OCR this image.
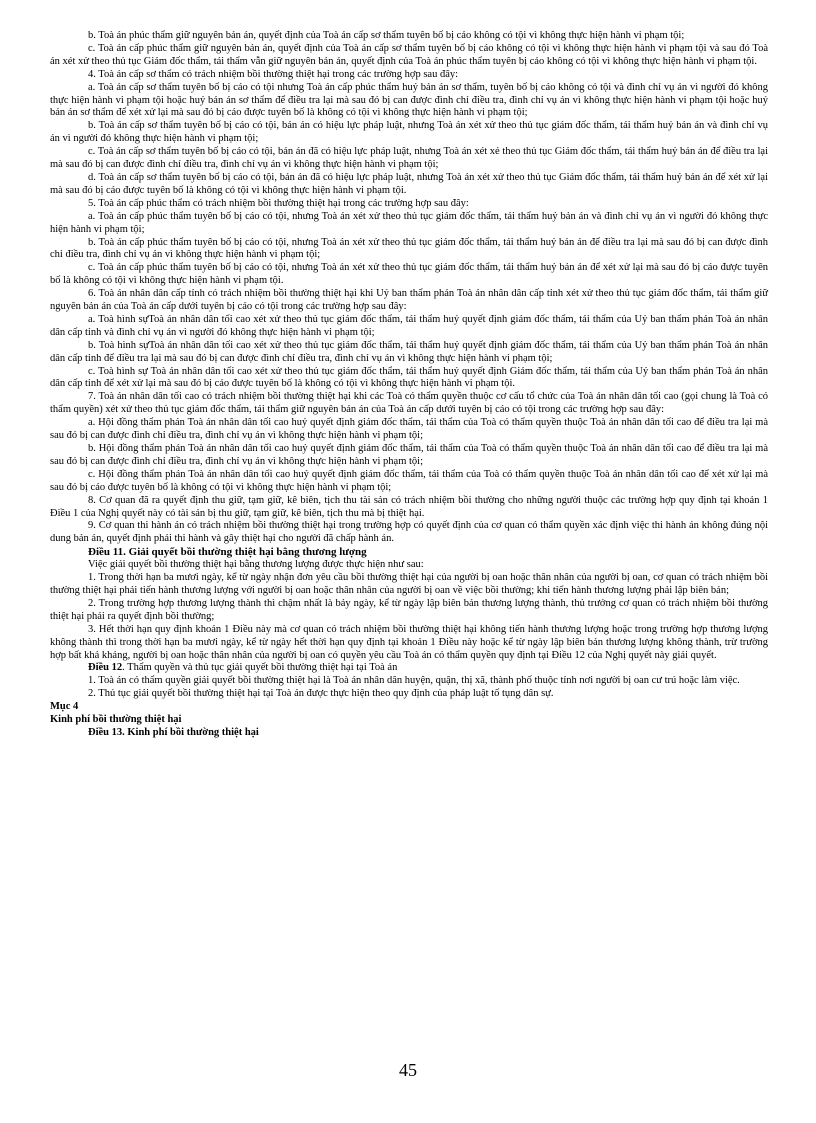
b. Toà án phúc thẩm giữ nguyên bản án, quyết định của Toà án cấp sơ thẩm tuyên bố bị cáo không có tội vì không thực hiện hành vi phạm tội;

c. Toà án cấp phúc thẩm giữ nguyên bản án, quyết định của Toà án cấp sơ thẩm tuyên bố bị cáo không có tội vì không thực hiện hành vi phạm tội và sau đó Toà án xét xử theo thủ tục Giám đốc thẩm, tái thẩm vẫn giữ nguyên bản án, quyết định của Toà án phúc thẩm tuyên bị cáo không có tội vì không thực hiện hành vi phạm tội.

4. Toà án cấp sơ thẩm có trách nhiệm bồi thường thiệt hại trong các trường hợp sau đây:

a. Toà án cấp sơ thẩm tuyên bố bị cáo có tội nhưng Toà án cấp phúc thẩm huỷ bản án sơ thẩm, tuyên bố bị cáo không có tội và đình chỉ vụ án vì người đó không thực hiện hành vi phạm tội hoặc huỷ bản án sơ thẩm để điều tra lại mà sau đó bị can được đình chỉ điều tra, đình chỉ vụ án vì không thực hiện hành vi phạm tội hoặc huỷ bản án sơ thẩm để xét xử lại mà sau đó bị cáo được tuyên bố là không có tội vì không thực hiện hành vi phạm tội;

b. Toà án cấp sơ thẩm tuyên bố bị cáo có tội, bản án có hiệu lực pháp luật, nhưng Toà án xét xử theo thủ tục giám đốc thẩm, tái thẩm huỷ bản án và đình chỉ vụ án vì người đó không thực hiện hành vi phạm tội;

c. Toà án cấp sơ thẩm tuyên bố bị cáo có tội, bản án đã có hiệu lực pháp luật, nhưng Toà án xét xẻ theo thủ tục Giám đốc thẩm, tái thẩm huỷ bản án để điều tra lại mà sau đó bị can được đình chỉ điều tra, đình chỉ vụ án vì không thực hiện hành vi phạm tội;

d. Toà án cấp sơ thẩm tuyên bố bị cáo có tội, bản án đã có hiệu lực pháp luật, nhưng Toà án xét xử theo thủ tục Giám đốc thẩm, tái thẩm huỷ bản án để xét xử lại mà sau đó bị cáo được tuyên bố là không có tội vì không thực hiện hành vi phạm tội.

5. Toà án cấp phúc thẩm có trách nhiệm bồi thường thiệt hại trong các trường hợp sau đây:

a. Toà án cấp phúc thẩm tuyên bố bị cáo có tội, nhưng Toà án xét xử theo thủ tục giám đốc thẩm, tái thẩm huỷ bản án và đình chỉ vụ án vì người đó không thực hiện hành vi phạm tội;

b. Toà án cấp phúc thẩm tuyên bố bị cáo có tội, nhưng Toà án xét xử theo thủ tục giám đốc thẩm, tái thẩm huỷ bản án để điều tra lại mà sau đó bị can được đình chỉ điều tra, đình chỉ vụ án vì không thực hiện hành vi phạm tội;

c. Toà án cấp phúc thẩm tuyên bố bị cáo có tội, nhưng Toà án xét xử theo thủ tục giám đốc thẩm, tái thẩm huỷ bản án để xét xử lại mà sau đó bị cáo được tuyên bố là không có tội vì không thực hiện hành vi phạm tội.

6. Toà án nhân dân cấp tỉnh có trách nhiệm bồi thường thiệt hại khi Uỷ ban thẩm phán Toà án nhân dân cấp tỉnh xét xử theo thủ tục giám đốc thẩm, tái thẩm giữ nguyên bản án của Toà án cấp dưới tuyên bị cáo có tội trong các trường hợp sau đây:

a. Toà hình sựToà án nhân dân tối cao xét xử theo thủ tục giám đốc thẩm, tái thẩm huỷ quyết định giám đốc thẩm, tái thẩm của Uỷ ban thẩm phán Toà án nhân dân cấp tỉnh và đình chỉ vụ án vì người đó không thực hiện hành vi phạm tội;

b. Toà hình sựToà án nhân dân tối cao xét xử theo thủ tục giám đốc thẩm, tái thẩm huỷ quyết định giám đốc thẩm, tái thẩm của Uỷ ban thẩm phán Toà án nhân dân cấp tỉnh để điều tra lại mà sau đó bị can được đình chỉ điều tra, đình chỉ vụ án vì không thực hiện hành vi phạm tội;

c. Toà hình sự Toà án nhân dân tối cao xét xử theo thủ tục giám đốc thẩm, tái thẩm huỷ quyết định Giám đốc thẩm, tái thẩm của Uỷ ban thẩm phán Toà án nhân dân cấp tỉnh để xét xử lại mà sau đó bị cáo được tuyên bố là không có tội vì không thực hiện hành vi phạm tội.

7. Toà án nhân dân tối cao có trách nhiệm bồi thường thiệt hại khi các Toà có thẩm quyền thuộc cơ cấu tổ chức của Toà án nhân dân tối cao (gọi chung là Toà có thẩm quyền) xét xử theo thủ tục giám đốc thẩm, tái thẩm giữ nguyên bản án của Toà án cấp dưới tuyên bị cáo có tội trong các trường hợp sau đây:

a. Hội đồng thẩm phán Toà án nhân dân tối cao huỷ quyết định giám đốc thẩm, tái thẩm của Toà có thẩm quyền thuộc Toà án nhân dân tối cao để điều tra lại mà sau đó bị can được đình chỉ điều tra, đình chỉ vụ án vì không thực hiện hành vi phạm tội;

b. Hội đồng thẩm phán Toà án nhân dân tối cao huỷ quyết định giám đốc thẩm, tái thẩm của Toà có thẩm quyền thuộc Toà án nhân dân tối cao để điều tra lại mà sau đó bị can được đình chỉ điều tra, đình chỉ vụ án vì không thực hiện hành vi phạm tội;

c. Hội đồng thẩm phán Toà án nhân dân tối cao huỷ quyết định giám đốc thẩm, tái thẩm của Toà có thẩm quyền thuộc Toà án nhân dân tối cao để xét xử lại mà sau đó bị cáo được tuyên bố là không có tội vì không thực hiện hành vi phạm tội;

8. Cơ quan đã ra quyết định thu giữ, tạm giữ, kê biên, tịch thu tài sản có trách nhiệm bồi thường cho những người thuộc các trường hợp quy định tại khoản 1 Điều 1 của Nghị quyết này có tài sản bị thu giữ, tạm giữ, kê biên, tịch thu mà bị thiệt hại.

9. Cơ quan thi hành án có trách nhiệm bồi thường thiệt hại trong trường hợp có quyết định của cơ quan có thẩm quyền xác định việc thi hành án không đúng nội dung bản án, quyết định phải thi hành và gây thiệt hại cho người đã chấp hành án.

Điều 11. Giải quyết bồi thường thiệt hại bằng thương lượng

Việc giải quyết bồi thường thiệt hại bằng thương lượng được thực hiện như sau:

1. Trong thời hạn ba mươi ngày, kể từ ngày nhận đơn yêu cầu bồi thường thiệt hại của người bị oan hoặc thân nhân của người bị oan, cơ quan có trách nhiệm bồi thường thiệt hại phải tiến hành thương lượng với người bị oan hoặc thân nhân của người bị oan về việc bồi thường; khi tiến hành thương lượng phải lập biên bản;

2. Trong trường hợp thương lượng thành thì chậm nhất là bảy ngày, kể từ ngày lập biên bản thương lượng thành, thủ trưởng cơ quan có trách nhiệm bồi thường thiệt hại phải ra quyết định bồi thường;

3. Hết thời hạn quy định khoản 1 Điều này mà cơ quan có trách nhiệm bồi thường thiệt hại không tiến hành thương lượng hoặc trong trường hợp thương lượng không thành thì trong thời hạn ba mươi ngày, kể từ ngày hết thời hạn quy định tại khoản 1 Điều này hoặc kể từ ngày lập biên bản thương lượng không thành, trừ trường hợp bất khả kháng, người bị oan hoặc thân nhân của người bị oan có quyền yêu cầu Toà án có thẩm quyền quy định tại Điều 12 của Nghị quyết này giải quyết.

Điều 12. Thẩm quyền và thủ tục giải quyết bồi thường thiệt hại tại Toà án

1. Toà án có thẩm quyền giải quyết bồi thường thiệt hại là Toà án nhân dân huyện, quận, thị xã, thành phố thuộc tỉnh nơi người bị oan cư trú hoặc làm việc.

2. Thủ tục giải quyết bồi thường thiệt hại tại Toà án được thực hiện theo quy định của pháp luật tố tụng dân sự.

Mục 4

Kinh phí bồi thường thiệt hại

Điều 13. Kinh phí bồi thường thiệt hại

45
